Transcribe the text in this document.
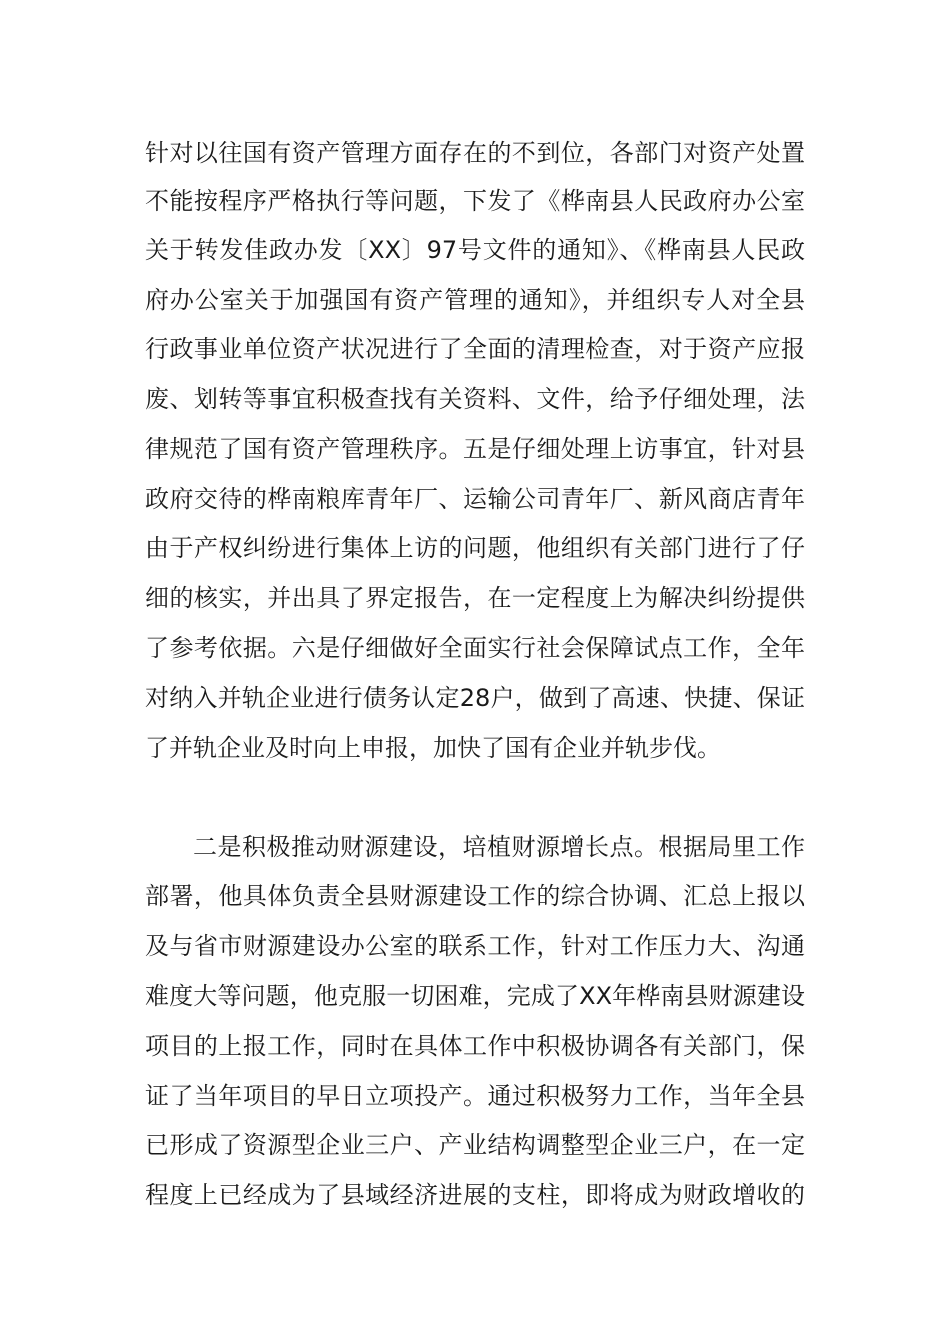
针对以往国有资产管理方面存在的不到位，各部门对资产处置
不能按程序严格执行等问题，下发了《桦南县人民政府办公室
关于转发佳政办发〔XX〕97号文件的通知》、《桦南县人民政
府办公室关于加强国有资产管理的通知》，并组织专人对全县
行政事业单位资产状况进行了全面的清理检查，对于资产应报
废、划转等事宜积极查找有关资料、文件，给予仔细处理，法
律规范了国有资产管理秩序。五是仔细处理上访事宜，针对县
政府交待的桦南粮库青年厂、运输公司青年厂、新风商店青年
由于产权纠纷进行集体上访的问题，他组织有关部门进行了仔
细的核实，并出具了界定报告，在一定程度上为解决纠纷提供
了参考依据。六是仔细做好全面实行社会保障试点工作，全年
对纳入并轨企业进行债务认定28户，做到了高速、快捷、保证
了并轨企业及时向上申报，加快了国有企业并轨步伐。
二是积极推动财源建设，培植财源增长点。根据局里工作
部署，他具体负责全县财源建设工作的综合协调、汇总上报以
及与省市财源建设办公室的联系工作，针对工作压力大、沟通
难度大等问题，他克服一切困难，完成了XX年桦南县财源建设
项目的上报工作，同时在具体工作中积极协调各有关部门，保
证了当年项目的早日立项投产。通过积极努力工作，当年全县
已形成了资源型企业三户、产业结构调整型企业三户，在一定
程度上已经成为了县域经济进展的支柱，即将成为财政增收的
